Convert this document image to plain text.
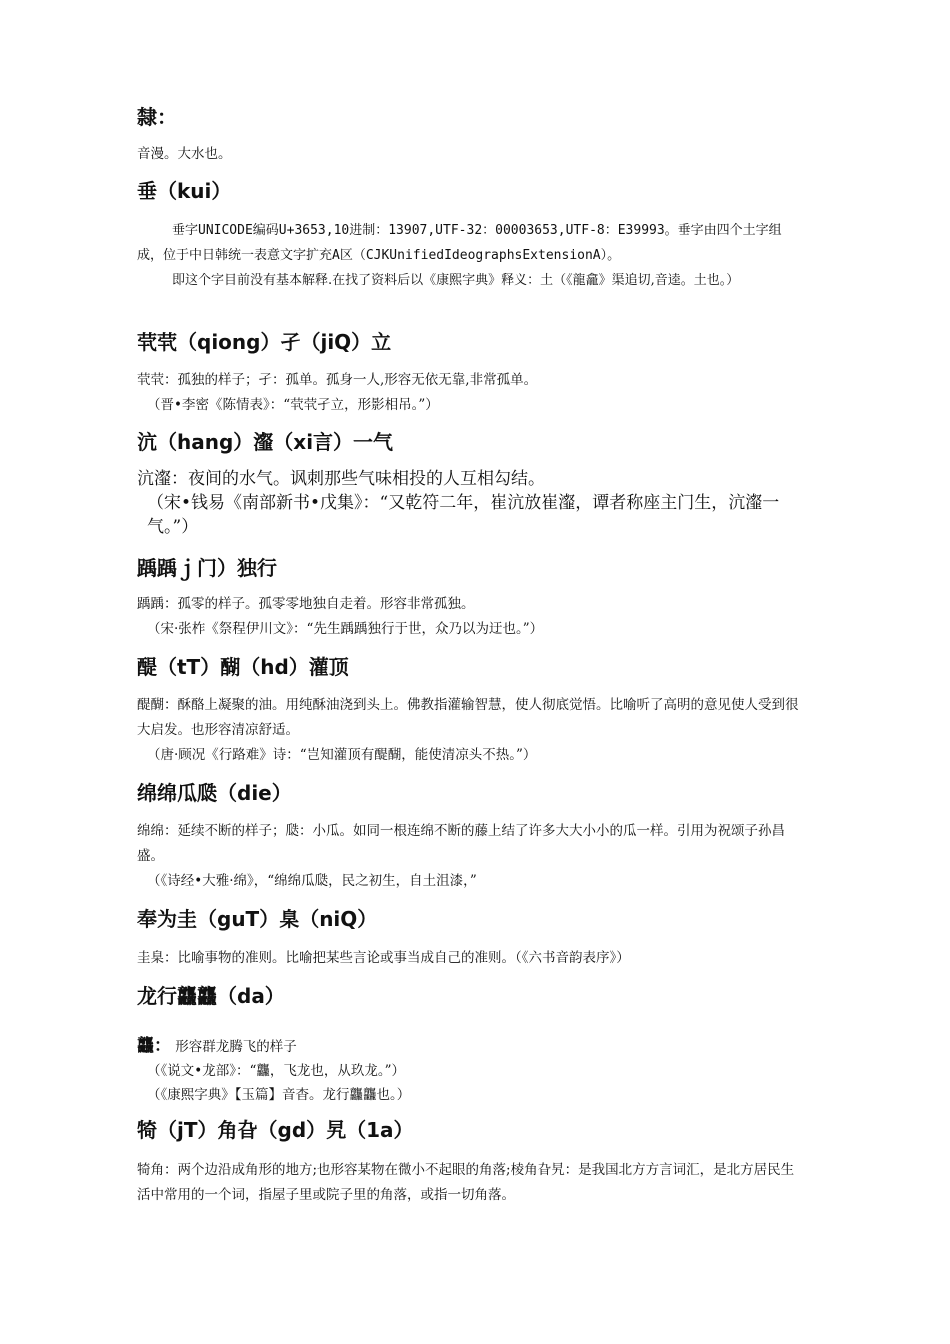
隸：
音漫。大水也。
垂（kui）
垂字UNICODE编码U+3653,10进制：13907,UTF-32：00003653,UTF-8：E39993。垂字由四个土字组成，位于中日韩统一表意文字扩充A区（CJKUnifiedIdeographsExtensionA）。
即这个字目前没有基本解释.在找了资料后以《康熙字典》释义：土（《龍龕》渠追切,音逵。土也。）
茕茕（qiong）孑（jiQ）立
茕茕：孤独的样子；孑：孤单。孤身一人,形容无依无靠,非常孤单。
（晋•李密《陈情表》：“茕茕孑立，形影相吊。”）
沆（hang）瀣（xi言）一气
沆瀣：夜间的水气。讽刺那些气味相投的人互相勾结。
（宋•钱易《南部新书•戊集》：“又乾符二年，崔沆放崔瀣，谭者称座主门生，沆瀣一气。”）
踽踽ｊ门）独行
踽踽：孤零的样子。孤零零地独自走着。形容非常孤独。
（宋·张柞《祭程伊川文》：“先生踽踽独行于世，众乃以为迂也。”）
醍（tT）醐（hd）灌顶
醍醐：酥酪上凝聚的油。用纯酥油浇到头上。佛教指灌输智慧，使人彻底觉悟。比喻听了高明的意见使人受到很大启发。也形容清凉舒适。
（唐·顾况《行路难》诗：“岂知灌顶有醍醐，能使清凉头不热。”）
绵绵瓜瓞（die）
绵绵：延续不断的样子；瓞：小瓜。如同一根连绵不断的藤上结了许多大大小小的瓜一样。引用为祝颂子孙昌盛。
（《诗经•大雅·绵》，“绵绵瓜瓞，民之初生，自土沮漆，”
奉为圭（guT）臬（niQ）
圭臬：比喻事物的准则。比喻把某些言论或事当成自己的准则。（《六书音韵表序》）
龙行龘龘（da）
龘： 形容群龙腾飞的样子
（《说文•龙部》：“龘，飞龙也，从玖龙。”）
（《康熙字典》【玉篇】音杳。龙行龘龘也。）
犄（jT）角旮（gd）旯（1a）
犄角：两个边沿成角形的地方;也形容某物在微小不起眼的角落;棱角旮旯：是我国北方方言词汇，是北方居民生活中常用的一个词，指屋子里或院子里的角落，或指一切角落。
